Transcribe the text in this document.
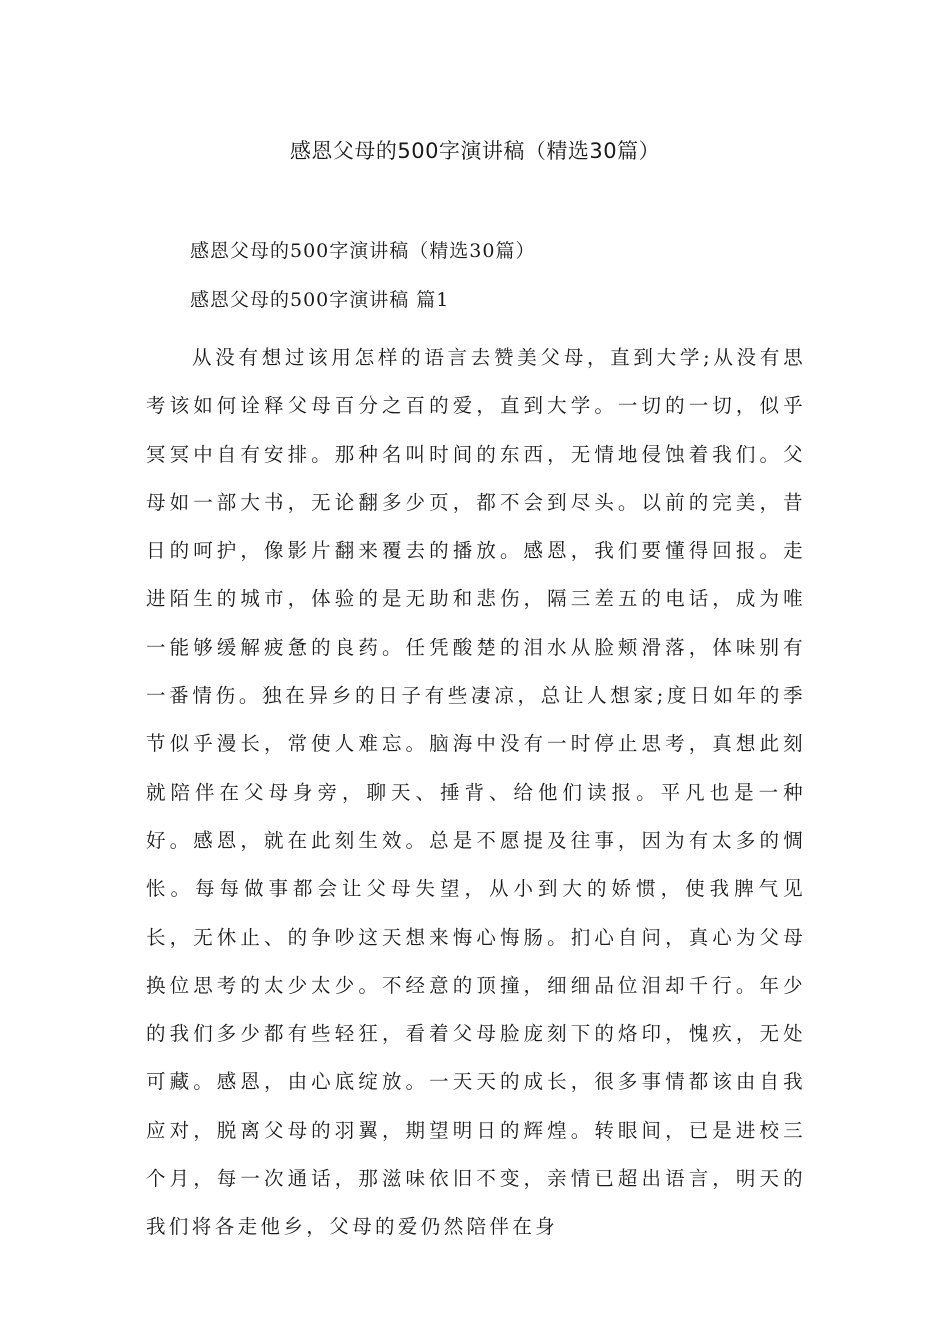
感恩父母的500字演讲稿（精选30篇）
感恩父母的500字演讲稿（精选30篇）
感恩父母的500字演讲稿 篇1

从没有想过该用怎样的语言去赞美父母，直到大学;从没有思考该如何诠释父母百分之百的爱，直到大学。一切的一切，似乎冥冥中自有安排。那种名叫时间的东西，无情地侵蚀着我们。父母如一部大书，无论翻多少页，都不会到尽头。以前的完美，昔日的呵护，像影片翻来覆去的播放。感恩，我们要懂得回报。走进陌生的城市，体验的是无助和悲伤，隔三差五的电话，成为唯一能够缓解疲惫的良药。任凭酸楚的泪水从脸颊滑落，体味别有一番情伤。独在异乡的日子有些凄凉，总让人想家;度日如年的季节似乎漫长，常使人难忘。脑海中没有一时停止思考，真想此刻就陪伴在父母身旁，聊天、捶背、给他们读报。平凡也是一种好。感恩，就在此刻生效。总是不愿提及往事，因为有太多的惆怅。每每做事都会让父母失望，从小到大的娇惯，使我脾气见长，无休止、的争吵这天想来悔心悔肠。扪心自问，真心为父母换位思考的太少太少。不经意的顶撞，细细品位泪却千行。年少的我们多少都有些轻狂，看着父母脸庞刻下的烙印，愧疚，无处可藏。感恩，由心底绽放。一天天的成长，很多事情都该由自我应对，脱离父母的羽翼，期望明日的辉煌。转眼间，已是进校三个月，每一次通话，那滋味依旧不变，亲情已超出语言，明天的我们将各走他乡，父母的爱仍然陪伴在身
